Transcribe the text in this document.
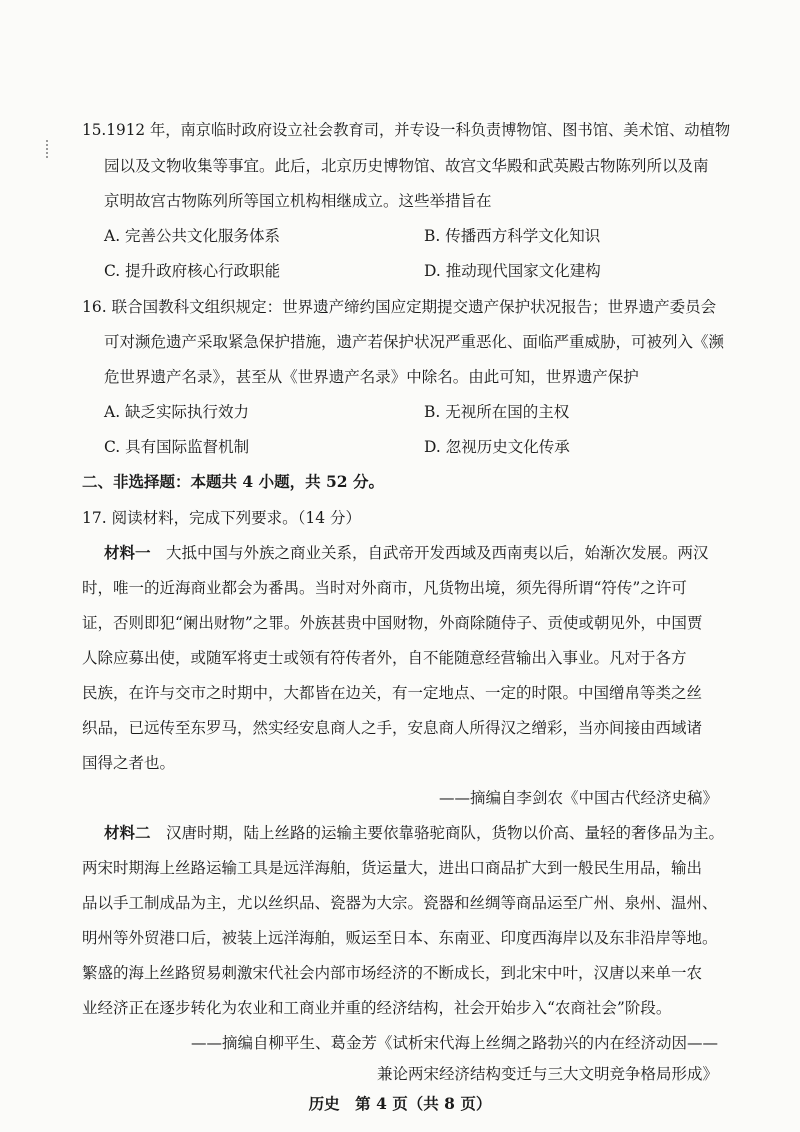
15.1912 年，南京临时政府设立社会教育司，并专设一科负责博物馆、图书馆、美术馆、动植物
园以及文物收集等事宜。此后，北京历史博物馆、故宫文华殿和武英殿古物陈列所以及南
京明故宫古物陈列所等国立机构相继成立。这些举措旨在
A. 完善公共文化服务体系	B. 传播西方科学文化知识
C. 提升政府核心行政职能	D. 推动现代国家文化建构
16. 联合国教科文组织规定：世界遗产缔约国应定期提交遗产保护状况报告；世界遗产委员会
可对濒危遗产采取紧急保护措施，遗产若保护状况严重恶化、面临严重威胁，可被列入《濒
危世界遗产名录》，甚至从《世界遗产名录》中除名。由此可知，世界遗产保护
A. 缺乏实际执行效力	B. 无视所在国的主权
C. 具有国际监督机制	D. 忽视历史文化传承
二、非选择题：本题共 4 小题，共 52 分。
17. 阅读材料，完成下列要求。（14 分）
材料一　 大抵中国与外族之商业关系，自武帝开发西域及西南夷以后，始渐次发展。两汉
时，唯一的近海商业都会为番禺。当时对外商市，凡货物出境，须先得所谓“符传”之许可
证，否则即犯“阑出财物”之罪。外族甚贵中国财物，外商除随侍子、贡使或朝见外，中国贾
人除应募出使，或随军将吏士或领有符传者外，自不能随意经营输出入事业。凡对于各方
民族，在许与交市之时期中，大都皆在边关，有一定地点、一定的时限。中国缯帛等类之丝
织品，已远传至东罗马，然实经安息商人之手，安息商人所得汉之缯彩，当亦间接由西域诸
国得之者也。
——摘编自李剑农《中国古代经济史稿》
材料二　 汉唐时期，陆上丝路的运输主要依靠骆驼商队，货物以价高、量轻的奢侈品为主。
两宋时期海上丝路运输工具是远洋海舶，货运量大，进出口商品扩大到一般民生用品，输出
品以手工制成品为主，尤以丝织品、瓷器为大宗。瓷器和丝绸等商品运至广州、泉州、温州、
明州等外贸港口后，被装上远洋海舶，贩运至日本、东南亚、印度西海岸以及东非沿岸等地。
繁盛的海上丝路贸易刺激宋代社会内部市场经济的不断成长，到北宋中叶，汉唐以来单一农
业经济正在逐步转化为农业和工商业并重的经济结构，社会开始步入“农商社会”阶段。
——摘编自柳平生、葛金芳《试析宋代海上丝绸之路勃兴的内在经济动因——
兼论两宋经济结构变迁与三大文明竞争格局形成》
历史　第 4 页（共 8 页）
